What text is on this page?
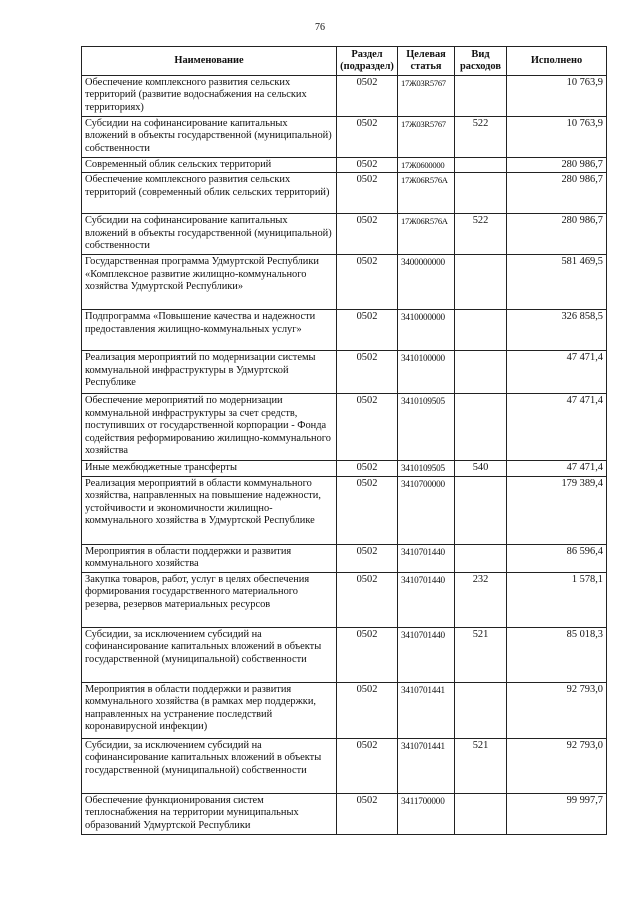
76
Наименование	Раздел (подраздел)	Целевая статья	Вид расходов	Исполнено
Обеспечение комплексного развития сельских территорий (развитие водоснабжения на сельских территориях)	0502	17Ж03R5767		10 763,9
Субсидии на софинансирование капитальных вложений в объекты государственной (муниципальной) собственности	0502	17Ж03R5767	522	10 763,9
Современный облик сельских территорий	0502	17Ж0600000		280 986,7
Обеспечение комплексного развития сельских территорий (современный облик сельских территорий)	0502	17Ж06R576А		280 986,7
Субсидии на софинансирование капитальных вложений в объекты государственной (муниципальной) собственности	0502	17Ж06R576А	522	280 986,7
Государственная программа Удмуртской Республики «Комплексное развитие жилищно-коммунального хозяйства Удмуртской Республики»	0502	3400000000		581 469,5
Подпрограмма «Повышение качества и надежности предоставления жилищно-коммунальных услуг»	0502	3410000000		326 858,5
Реализация мероприятий по модернизации системы коммунальной инфраструктуры в Удмуртской Республике	0502	3410100000		47 471,4
Обеспечение мероприятий по модернизации коммунальной инфраструктуры за счет средств, поступивших от государственной корпорации - Фонда содействия реформированию жилищно-коммунального хозяйства	0502	3410109505		47 471,4
Иные межбюджетные трансферты	0502	3410109505	540	47 471,4
Реализация мероприятий в области коммунального хозяйства, направленных на повышение надежности, устойчивости и экономичности жилищно-коммунального хозяйства в Удмуртской Республике	0502	3410700000		179 389,4
Мероприятия в области поддержки и развития коммунального хозяйства	0502	3410701440		86 596,4
Закупка товаров, работ, услуг в целях обеспечения формирования государственного материального резерва, резервов материальных ресурсов	0502	3410701440	232	1 578,1
Субсидии, за исключением субсидий на софинансирование капитальных вложений в объекты государственной (муниципальной) собственности	0502	3410701440	521	85 018,3
Мероприятия в области поддержки и развития коммунального хозяйства (в рамках мер поддержки, направленных на устранение последствий коронавирусной инфекции)	0502	3410701441		92 793,0
Субсидии, за исключением субсидий на софинансирование капитальных вложений в объекты государственной (муниципальной) собственности	0502	3410701441	521	92 793,0
Обеспечение функционирования систем теплоснабжения на территории муниципальных образований Удмуртской Республики	0502	3411700000		99 997,7
